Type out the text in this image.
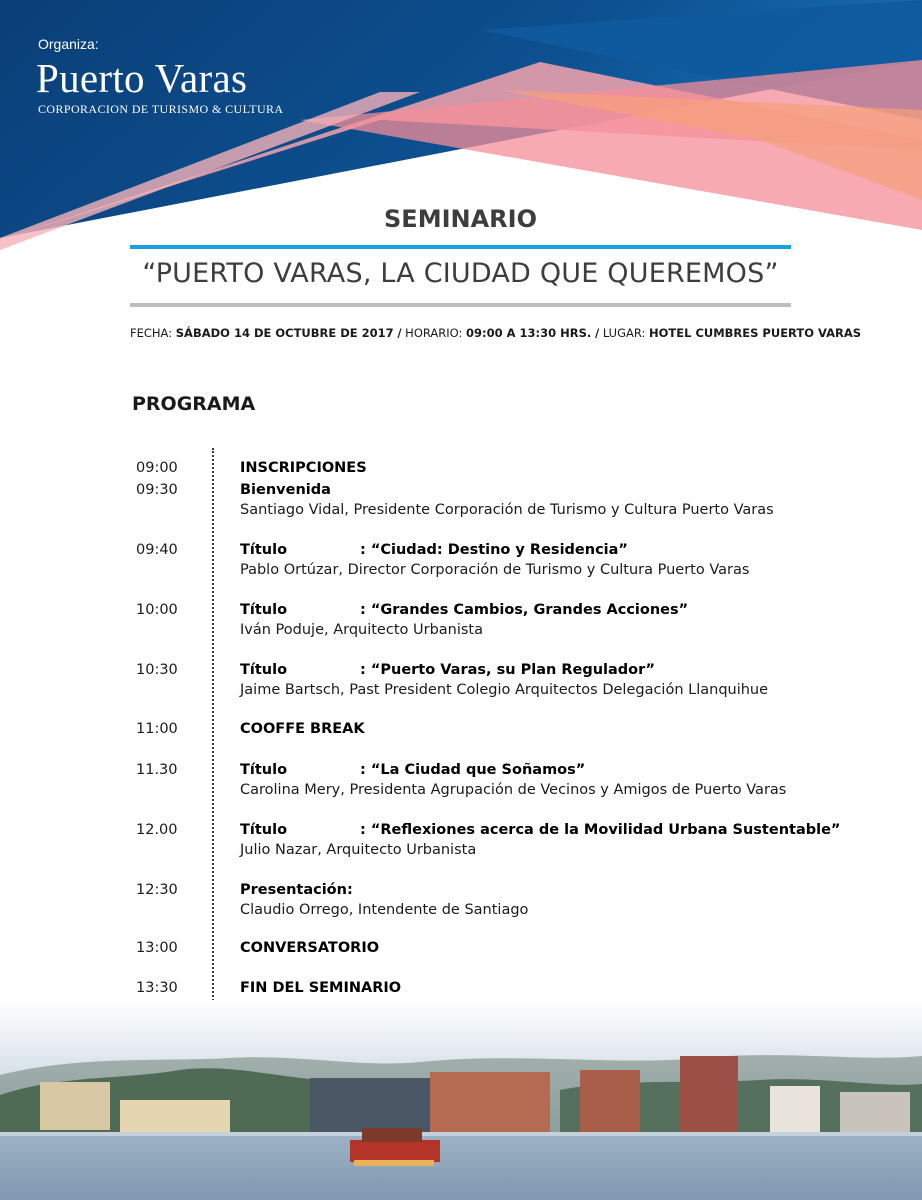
Organiza:
Puerto Varas
CORPORACION DE TURISMO & CULTURA
SEMINARIO
“PUERTO VARAS, LA CIUDAD QUE QUEREMOS”
FECHA: SÁBADO 14 DE OCTUBRE DE 2017 / HORARIO: 09:00 A 13:30 HRS. / LUGAR: HOTEL CUMBRES PUERTO VARAS
PROGRAMA
09:00	INSCRIPCIONES
09:30	Bienvenida
Santiago Vidal, Presidente Corporación de Turismo y Cultura Puerto Varas
09:40	Título	: “Ciudad: Destino y Residencia”
Pablo Ortúzar, Director Corporación de Turismo y Cultura Puerto Varas
10:00	Título	: “Grandes Cambios, Grandes Acciones”
Iván Poduje, Arquitecto Urbanista
10:30	Título	: “Puerto Varas, su Plan Regulador”
Jaime Bartsch, Past President Colegio Arquitectos Delegación Llanquihue
11:00	COOFFE BREAK
11.30	Título	: “La Ciudad que Soñamos”
Carolina Mery, Presidenta Agrupación de Vecinos y Amigos de Puerto Varas
12.00	Título	: “Reflexiones acerca de la Movilidad Urbana Sustentable”
Julio Nazar, Arquitecto Urbanista
12:30	Presentación:
Claudio Orrego, Intendente de Santiago
13:00	CONVERSATORIO
13:30	FIN DEL SEMINARIO
